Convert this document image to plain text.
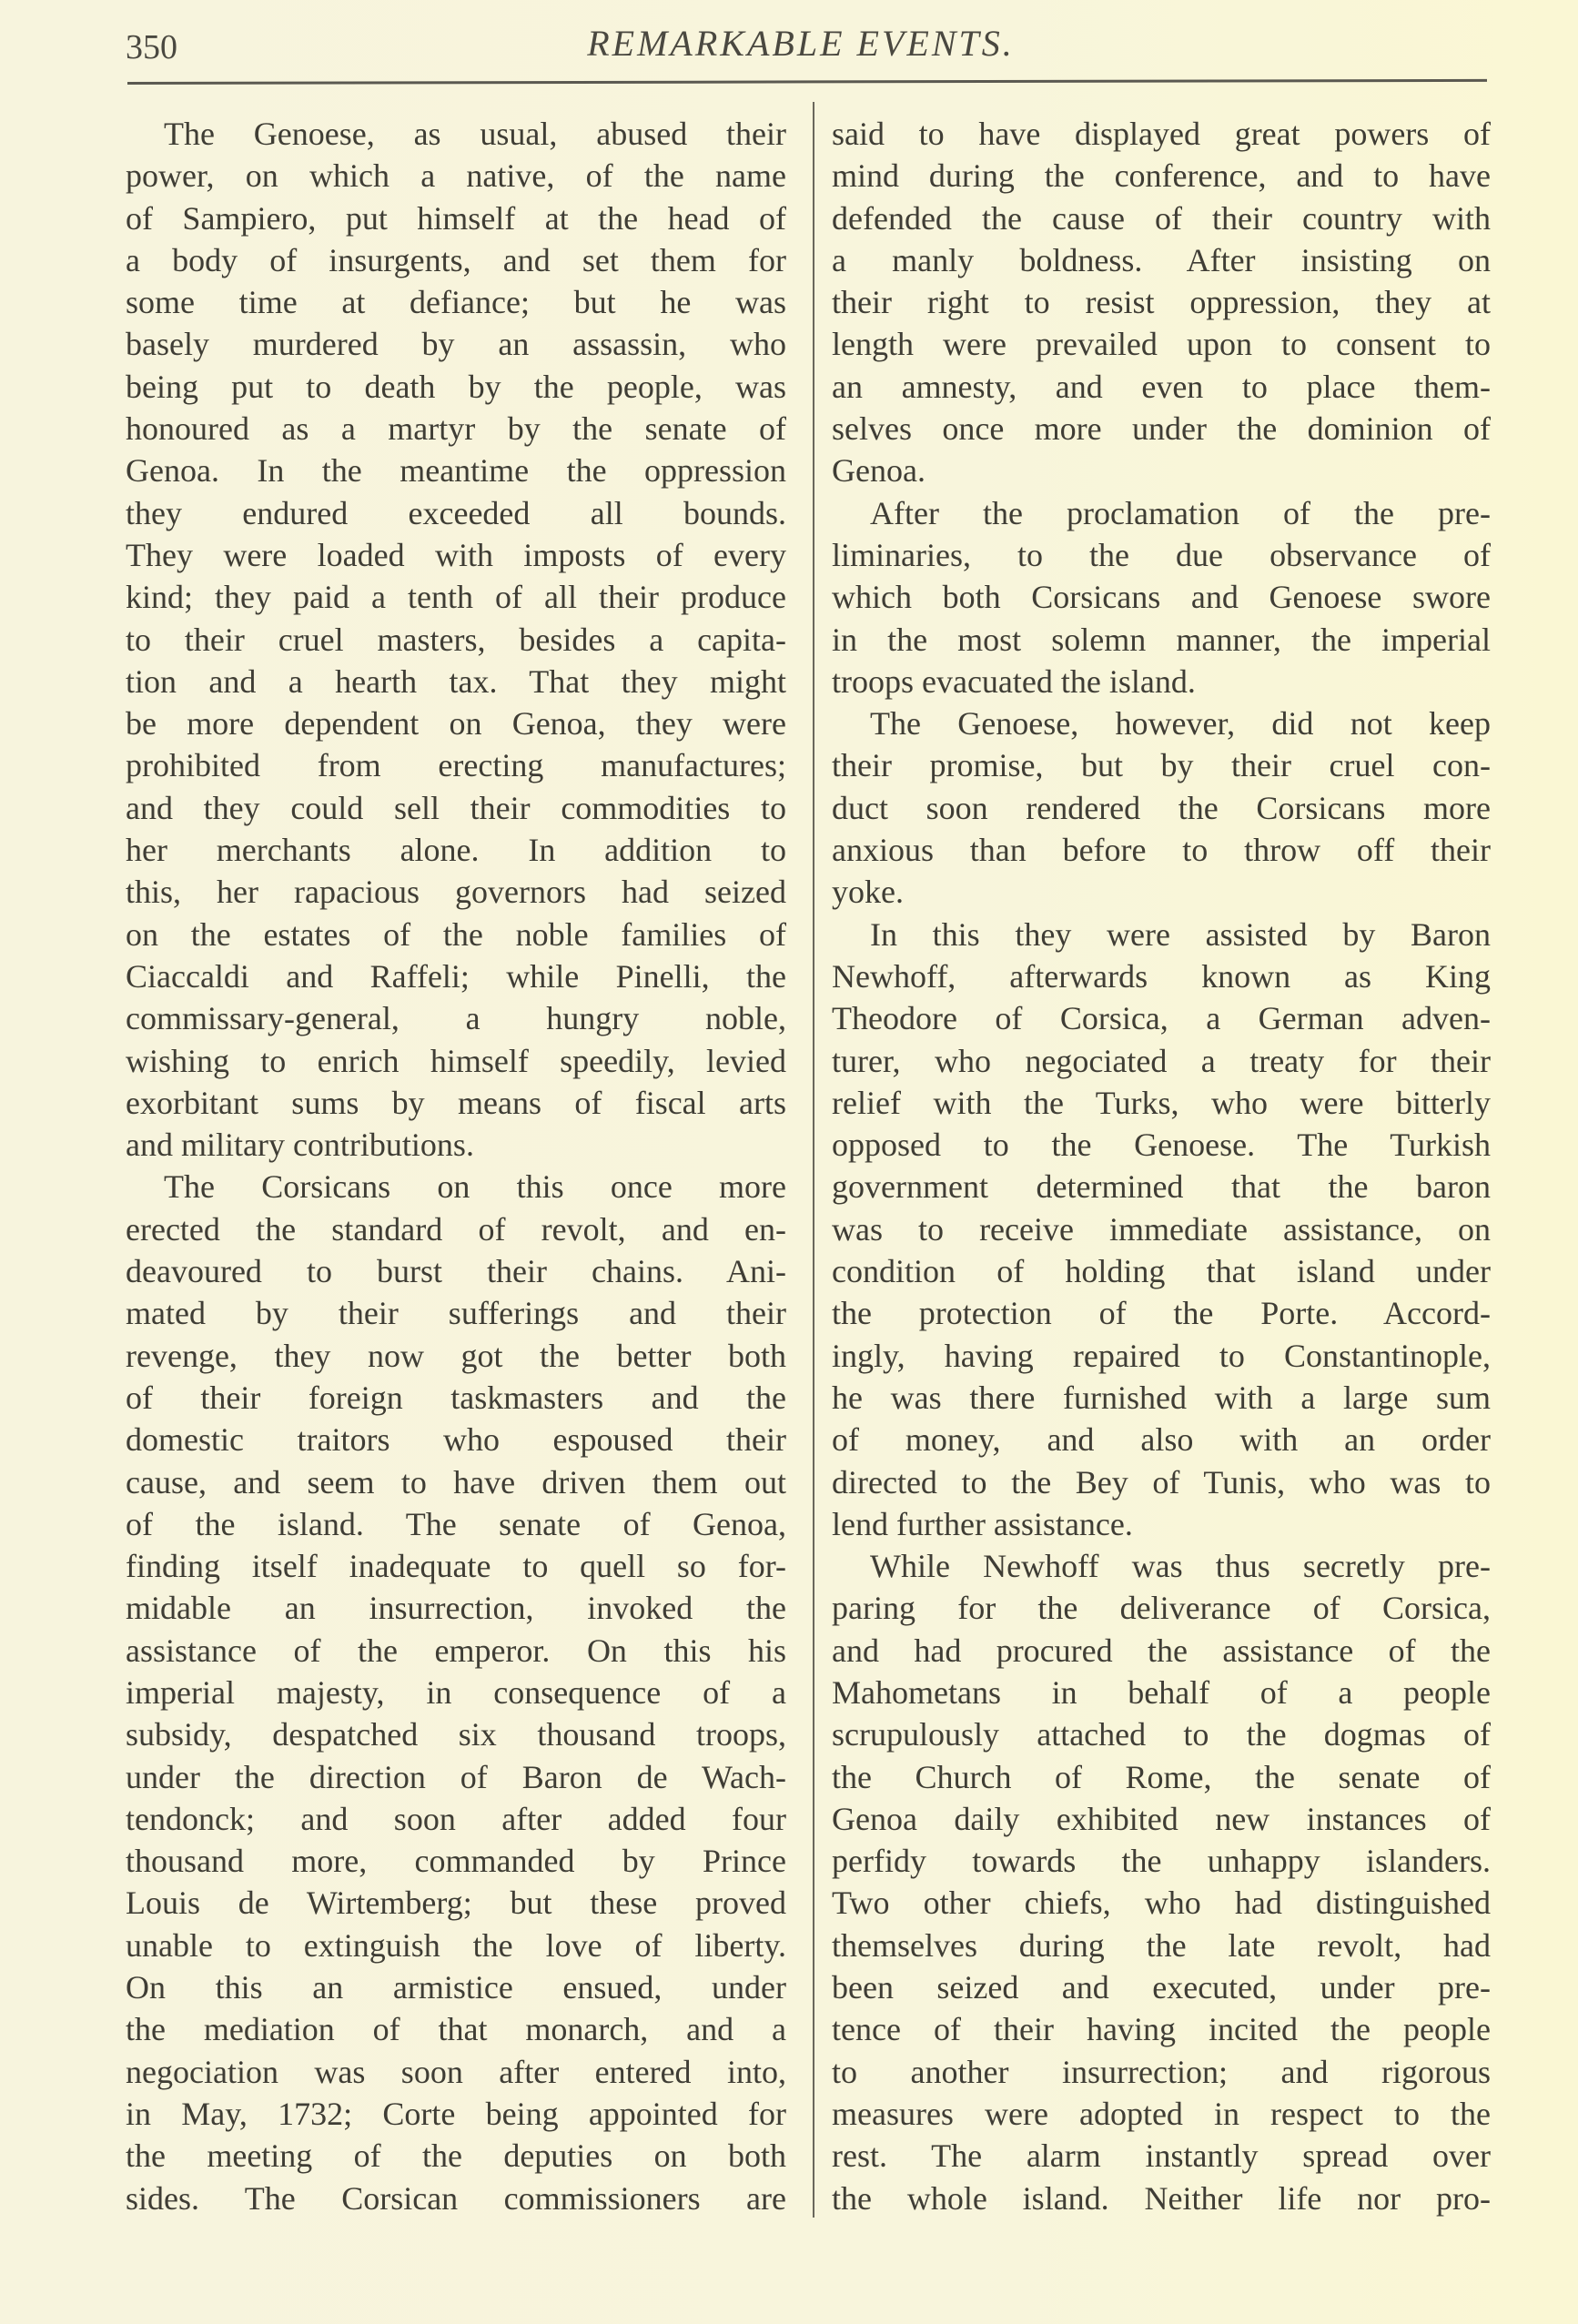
350	REMARKABLE EVENTS.
The Genoese, as usual, abused their
power, on which a native, of the name
of Sampiero, put himself at the head of
a body of insurgents, and set them for
some time at defiance; but he was
basely murdered by an assassin, who
being put to death by the people, was
honoured as a martyr by the senate of
Genoa. In the meantime the oppression
they endured exceeded all bounds.
They were loaded with imposts of every
kind; they paid a tenth of all their produce
to their cruel masters, besides a capita-
tion and a hearth tax. That they might
be more dependent on Genoa, they were
prohibited from erecting manufactures;
and they could sell their commodities to
her merchants alone. In addition to
this, her rapacious governors had seized
on the estates of the noble families of
Ciaccaldi and Raffeli; while Pinelli, the
commissary-general, a hungry noble,
wishing to enrich himself speedily, levied
exorbitant sums by means of fiscal arts
and military contributions.
The Corsicans on this once more
erected the standard of revolt, and en-
deavoured to burst their chains. Ani-
mated by their sufferings and their
revenge, they now got the better both
of their foreign taskmasters and the
domestic traitors who espoused their
cause, and seem to have driven them out
of the island. The senate of Genoa,
finding itself inadequate to quell so for-
midable an insurrection, invoked the
assistance of the emperor. On this his
imperial majesty, in consequence of a
subsidy, despatched six thousand troops,
under the direction of Baron de Wach-
tendonck; and soon after added four
thousand more, commanded by Prince
Louis de Wirtemberg; but these proved
unable to extinguish the love of liberty.
On this an armistice ensued, under
the mediation of that monarch, and a
negociation was soon after entered into,
in May, 1732; Corte being appointed for
the meeting of the deputies on both
sides. The Corsican commissioners are
said to have displayed great powers of
mind during the conference, and to have
defended the cause of their country with
a manly boldness. After insisting on
their right to resist oppression, they at
length were prevailed upon to consent to
an amnesty, and even to place them-
selves once more under the dominion of
Genoa.
After the proclamation of the pre-
liminaries, to the due observance of
which both Corsicans and Genoese swore
in the most solemn manner, the imperial
troops evacuated the island.
The Genoese, however, did not keep
their promise, but by their cruel con-
duct soon rendered the Corsicans more
anxious than before to throw off their
yoke.
In this they were assisted by Baron
Newhoff, afterwards known as King
Theodore of Corsica, a German adven-
turer, who negociated a treaty for their
relief with the Turks, who were bitterly
opposed to the Genoese. The Turkish
government determined that the baron
was to receive immediate assistance, on
condition of holding that island under
the protection of the Porte. Accord-
ingly, having repaired to Constantinople,
he was there furnished with a large sum
of money, and also with an order
directed to the Bey of Tunis, who was to
lend further assistance.
While Newhoff was thus secretly pre-
paring for the deliverance of Corsica,
and had procured the assistance of the
Mahometans in behalf of a people
scrupulously attached to the dogmas of
the Church of Rome, the senate of
Genoa daily exhibited new instances of
perfidy towards the unhappy islanders.
Two other chiefs, who had distinguished
themselves during the late revolt, had
been seized and executed, under pre-
tence of their having incited the people
to another insurrection; and rigorous
measures were adopted in respect to the
rest. The alarm instantly spread over
the whole island. Neither life nor pro-
